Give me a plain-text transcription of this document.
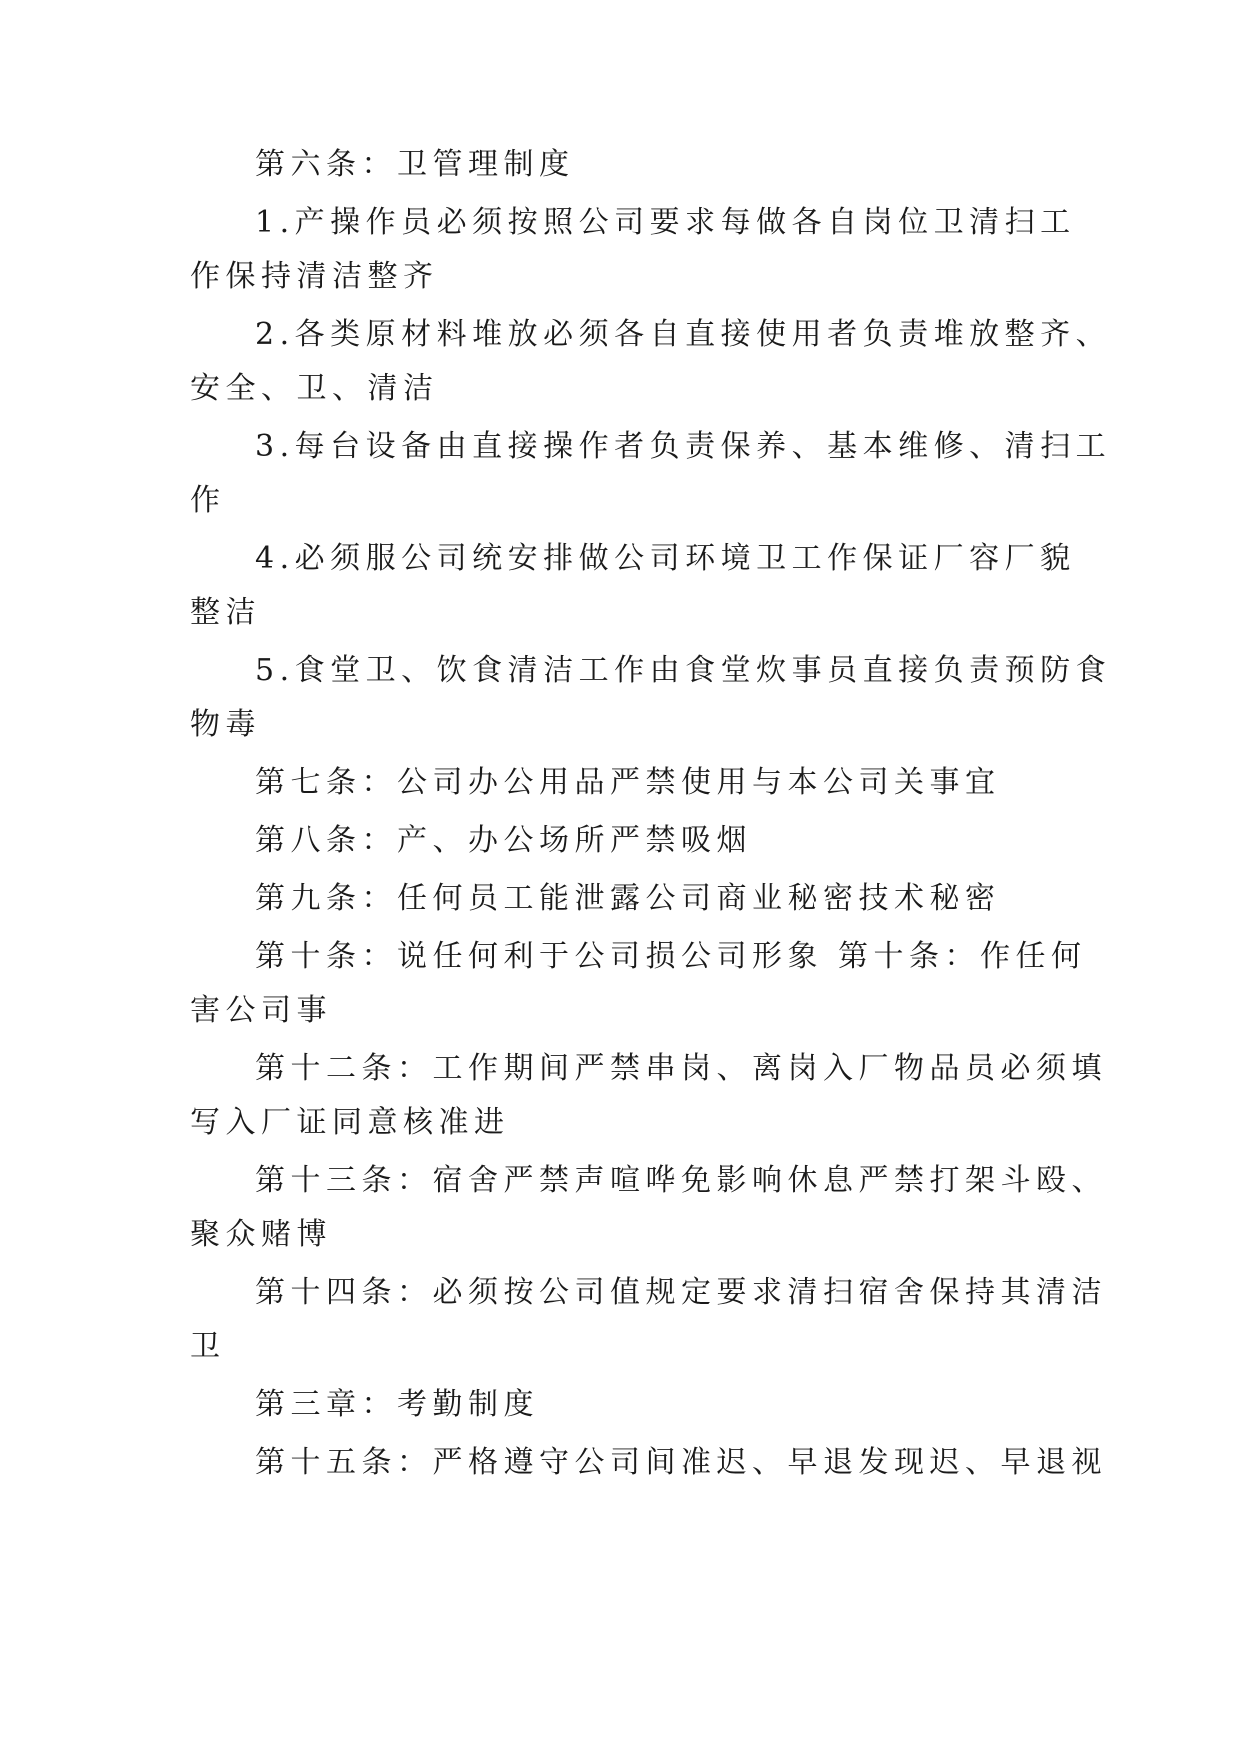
第六条：卫管理制度
1.产操作员必须按照公司要求每做各自岗位卫清扫工
作保持清洁整齐
2.各类原材料堆放必须各自直接使用者负责堆放整齐、
安全、卫、清洁
3.每台设备由直接操作者负责保养、基本维修、清扫工
作
4.必须服公司统安排做公司环境卫工作保证厂容厂貌
整洁
5.食堂卫、饮食清洁工作由食堂炊事员直接负责预防食
物毒
第七条：公司办公用品严禁使用与本公司关事宜
第八条：产、办公场所严禁吸烟
第九条：任何员工能泄露公司商业秘密技术秘密
第十条：说任何利于公司损公司形象 第十条：作任何
害公司事
第十二条：工作期间严禁串岗、离岗入厂物品员必须填
写入厂证同意核准进
第十三条：宿舍严禁声喧哗免影响休息严禁打架斗殴、
聚众赌博
第十四条：必须按公司值规定要求清扫宿舍保持其清洁
卫
第三章：考勤制度
第十五条：严格遵守公司间准迟、早退发现迟、早退视
